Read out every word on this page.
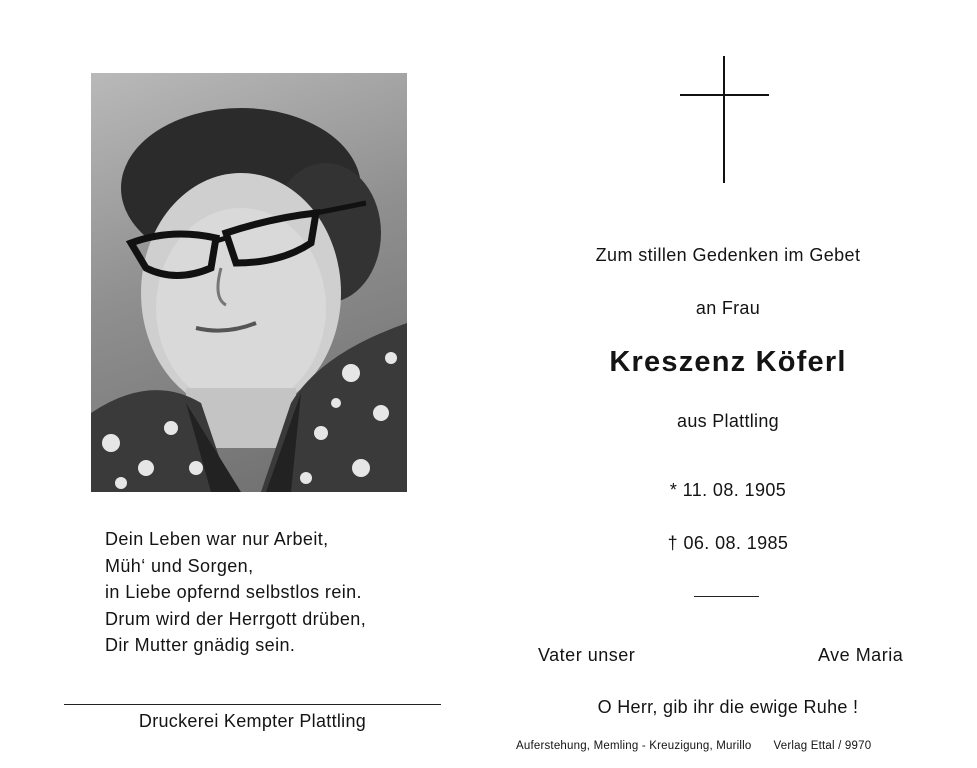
Dein Leben war nur Arbeit,
Müh‘ und Sorgen,
in Liebe opfernd selbstlos rein.
Drum wird der Herrgott drüben,
Dir Mutter gnädig sein.
Druckerei Kempter Plattling
Zum stillen Gedenken im Gebet
an Frau
Kreszenz Köferl
aus Plattling
* 11. 08. 1905
† 06. 08. 1985
Vater unser	Ave Maria
O Herr, gib ihr die ewige Ruhe !
Auferstehung, Memling - Kreuzigung, Murillo Verlag Ettal / 9970
